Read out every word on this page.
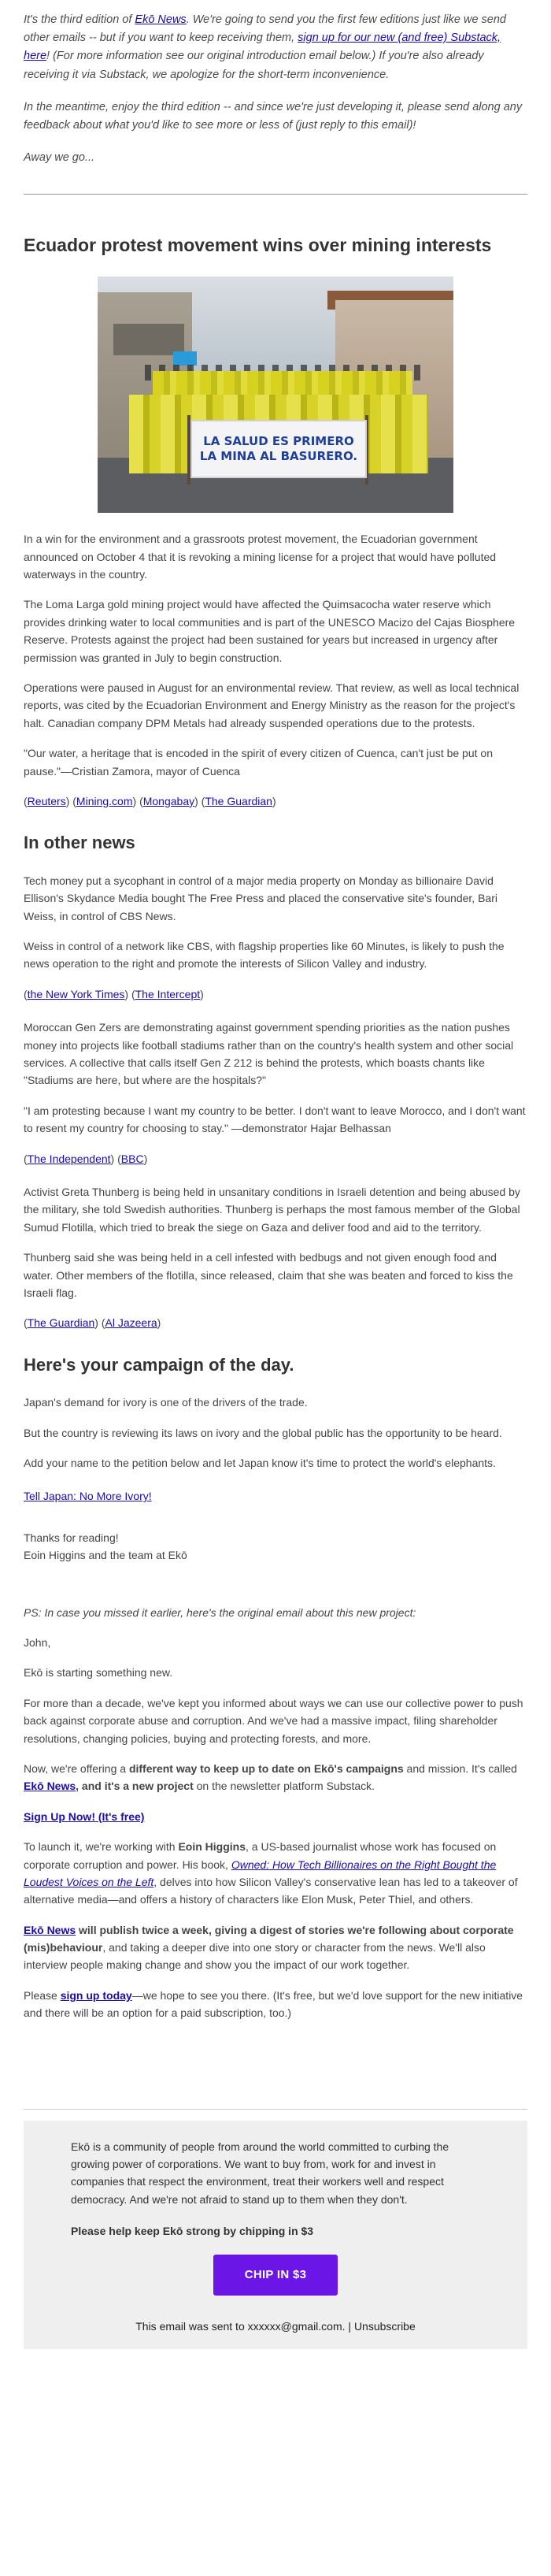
It's the third edition of Ekō News. We're going to send you the first few editions just like we send other emails -- but if you want to keep receiving them, sign up for our new (and free) Substack, here! (For more information see our original introduction email below.) If you're also already receiving it via Substack, we apologize for the short-term inconvenience.

In the meantime, enjoy the third edition -- and since we're just developing it, please send along any feedback about what you'd like to see more or less of (just reply to this email)!

Away we go...

Ecuador protest movement wins over mining interests
LA SALUD ES PRIMERO
LA MINA AL BASURERO.

In a win for the environment and a grassroots protest movement, the Ecuadorian government announced on October 4 that it is revoking a mining license for a project that would have polluted waterways in the country.

The Loma Larga gold mining project would have affected the Quimsacocha water reserve which provides drinking water to local communities and is part of the UNESCO Macizo del Cajas Biosphere Reserve. Protests against the project had been sustained for years but increased in urgency after permission was granted in July to begin construction.

Operations were paused in August for an environmental review. That review, as well as local technical reports, was cited by the Ecuadorian Environment and Energy Ministry as the reason for the project's halt. Canadian company DPM Metals had already suspended operations due to the protests.

"Our water, a heritage that is encoded in the spirit of every citizen of Cuenca, can't just be put on pause."—Cristian Zamora, mayor of Cuenca

(Reuters) (Mining.com) (Mongabay) (The Guardian)

In other news

Tech money put a sycophant in control of a major media property on Monday as billionaire David Ellison's Skydance Media bought The Free Press and placed the conservative site's founder, Bari Weiss, in control of CBS News.

Weiss in control of a network like CBS, with flagship properties like 60 Minutes, is likely to push the news operation to the right and promote the interests of Silicon Valley and industry.

(the New York Times) (The Intercept)

Moroccan Gen Zers are demonstrating against government spending priorities as the nation pushes money into projects like football stadiums rather than on the country's health system and other social services. A collective that calls itself Gen Z 212 is behind the protests, which boasts chants like "Stadiums are here, but where are the hospitals?"

"I am protesting because I want my country to be better. I don't want to leave Morocco, and I don't want to resent my country for choosing to stay." —demonstrator Hajar Belhassan

(The Independent) (BBC)

Activist Greta Thunberg is being held in unsanitary conditions in Israeli detention and being abused by the military, she told Swedish authorities. Thunberg is perhaps the most famous member of the Global Sumud Flotilla, which tried to break the siege on Gaza and deliver food and aid to the territory.

Thunberg said she was being held in a cell infested with bedbugs and not given enough food and water. Other members of the flotilla, since released, claim that she was beaten and forced to kiss the Israeli flag.

(The Guardian) (Al Jazeera)

Here's your campaign of the day.

Japan's demand for ivory is one of the drivers of the trade.

But the country is reviewing its laws on ivory and the global public has the opportunity to be heard.

Add your name to the petition below and let Japan know it's time to protect the world's elephants.

Tell Japan: No More Ivory!

Thanks for reading!

Eoin Higgins and the team at Ekō

PS: In case you missed it earlier, here's the original email about this new project:

John,

Ekō is starting something new.

For more than a decade, we've kept you informed about ways we can use our collective power to push back against corporate abuse and corruption. And we've had a massive impact, filing shareholder resolutions, changing policies, buying and protecting forests, and more.

Now, we're offering a different way to keep up to date on Ekō's campaigns and mission. It's called Ekō News, and it's a new project on the newsletter platform Substack.

Sign Up Now! (It's free)

To launch it, we're working with Eoin Higgins, a US-based journalist whose work has focused on corporate corruption and power. His book, Owned: How Tech Billionaires on the Right Bought the Loudest Voices on the Left, delves into how Silicon Valley's conservative lean has led to a takeover of alternative media—and offers a history of characters like Elon Musk, Peter Thiel, and others.

Ekō News will publish twice a week, giving a digest of stories we're following about corporate (mis)behaviour, and taking a deeper dive into one story or character from the news. We'll also interview people making change and show you the impact of our work together.

Please sign up today—we hope to see you there. (It's free, but we'd love support for the new initiative and there will be an option for a paid subscription, too.)

Ekō is a community of people from around the world committed to curbing the growing power of corporations. We want to buy from, work for and invest in companies that respect the environment, treat their workers well and respect democracy. And we're not afraid to stand up to them when they don't.

Please help keep Ekō strong by chipping in $3

CHIP IN $3

This email was sent to xxxxxx@gmail.com. | Unsubscribe
